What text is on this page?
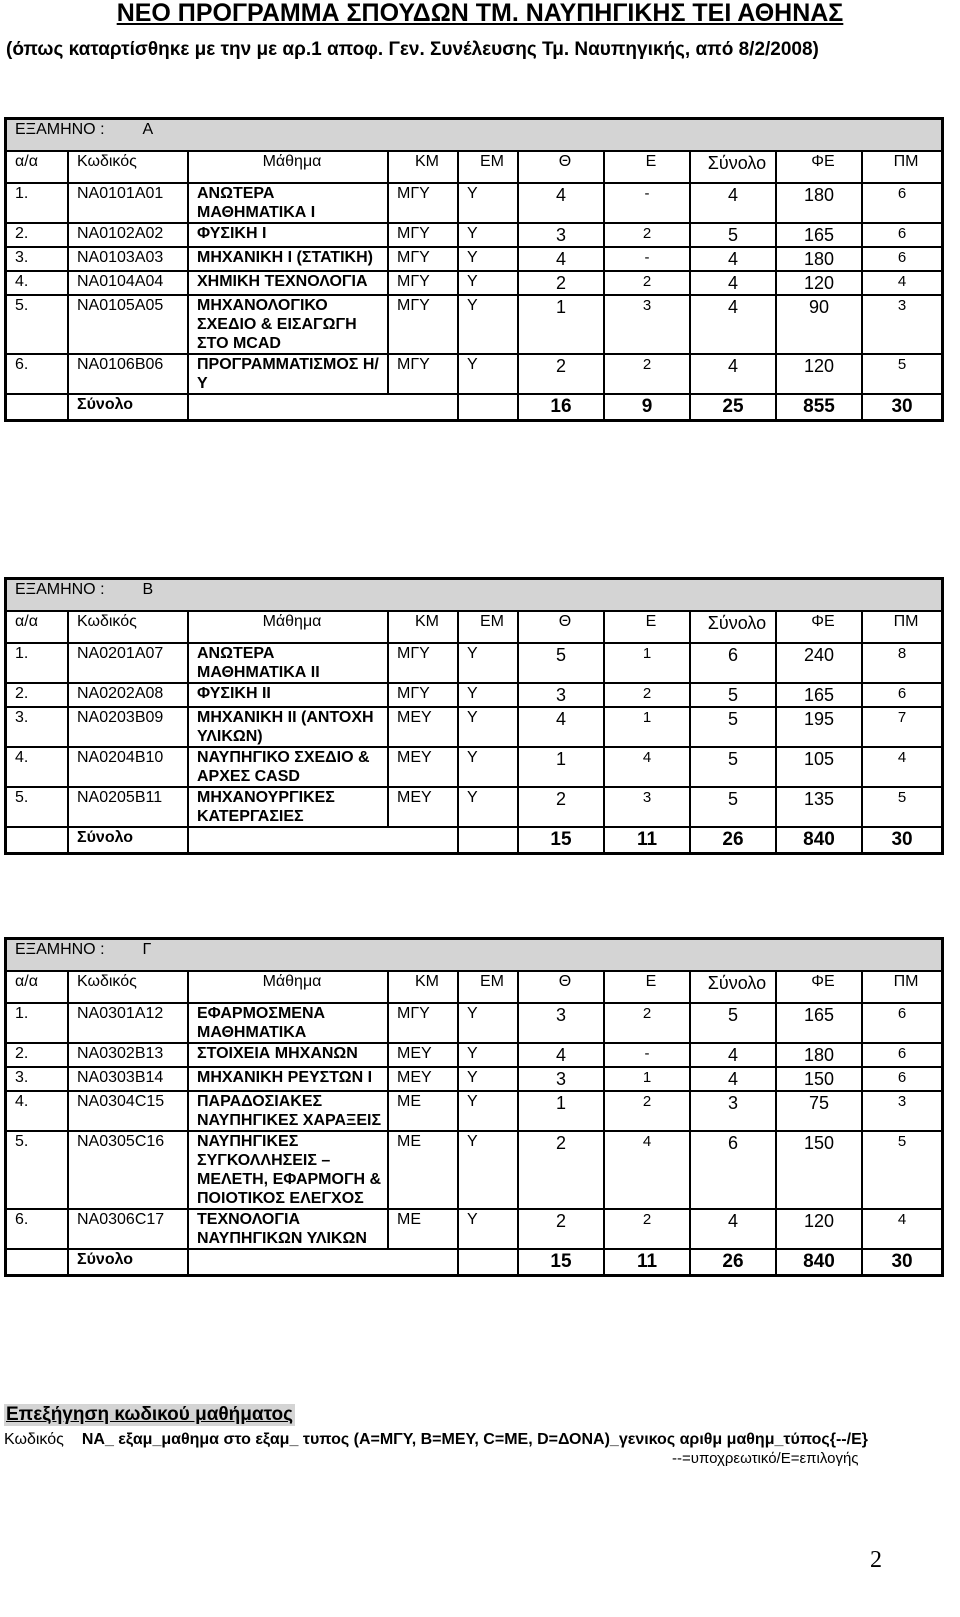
ΝΕΟ ΠΡΟΓΡΑΜΜΑ ΣΠΟΥΔΩΝ ΤΜ. ΝΑΥΠΗΓΙΚΗΣ ΤΕΙ ΑΘΗΝΑΣ
(όπως καταρτίσθηκε με την με αρ.1 αποφ. Γεν. Συνέλευσης Τμ. Ναυπηγικής, από 8/2/2008)
ΕΞΑΜΗΝΟ : Α									
α/α	Κωδικός	Μάθημα	ΚΜ	ΕΜ	Θ	Ε	Σύνολο	ΦΕ	ΠΜ
1.	NA0101A01	ΑΝΩΤΕΡΑ ΜΑΘΗΜΑΤΙΚΑ Ι	ΜΓΥ	Υ	4	-	4	180	6
2.	NA0102A02	ΦΥΣΙΚΗ Ι	ΜΓΥ	Υ	3	2	5	165	6
3.	NA0103A03	ΜΗΧΑΝΙΚΗ Ι (ΣΤΑΤΙΚΗ)	ΜΓΥ	Υ	4	-	4	180	6
4.	NA0104A04	ΧΗΜΙΚΗ ΤΕΧΝΟΛΟΓΙΑ	ΜΓΥ	Υ	2	2	4	120	4
5.	NA0105A05	ΜΗΧΑΝΟΛΟΓΙΚΟ ΣΧΕΔΙΟ & ΕΙΣΑΓΩΓΗ ΣΤΟ MCAD	ΜΓΥ	Υ	1	3	4	90	3
6.	NA0106B06	ΠΡΟΓΡΑΜΜΑΤΙΣΜΟΣ Η/Υ	ΜΓΥ	Υ	2	2	4	120	5
	Σύνολο				16	9	25	855	30
ΕΞΑΜΗΝΟ : Β									
α/α	Κωδικός	Μάθημα	ΚΜ	ΕΜ	Θ	Ε	Σύνολο	ΦΕ	ΠΜ
1.	NA0201A07	ΑΝΩΤΕΡΑ ΜΑΘΗΜΑΤΙΚΑ ΙΙ	ΜΓΥ	Υ	5	1	6	240	8
2.	NA0202A08	ΦΥΣΙΚΗ ΙΙ	ΜΓΥ	Υ	3	2	5	165	6
3.	NA0203B09	ΜΗΧΑΝΙΚΗ ΙΙ (ΑΝΤΟΧΗ ΥΛΙΚΩΝ)	ΜΕΥ	Υ	4	1	5	195	7
4.	NA0204B10	ΝΑΥΠΗΓΙΚΟ ΣΧΕΔΙΟ & ΑΡΧΕΣ CASD	ΜΕΥ	Υ	1	4	5	105	4
5.	NA0205B11	ΜΗΧΑΝΟΥΡΓΙΚΕΣ ΚΑΤΕΡΓΑΣΙΕΣ	ΜΕΥ	Υ	2	3	5	135	5
	Σύνολο				15	11	26	840	30
ΕΞΑΜΗΝΟ : Γ									
α/α	Κωδικός	Μάθημα	ΚΜ	ΕΜ	Θ	Ε	Σύνολο	ΦΕ	ΠΜ
1.	NA0301A12	ΕΦΑΡΜΟΣΜΕΝΑ ΜΑΘΗΜΑΤΙΚΑ	ΜΓΥ	Υ	3	2	5	165	6
2.	NA0302B13	ΣΤΟΙΧΕΙΑ ΜΗΧΑΝΩΝ	ΜΕΥ	Υ	4	-	4	180	6
3.	NA0303B14	ΜΗΧΑΝΙΚΗ ΡΕΥΣΤΩΝ Ι	ΜΕΥ	Υ	3	1	4	150	6
4.	NA0304C15	ΠΑΡΑΔΟΣΙΑΚΕΣ ΝΑΥΠΗΓΙΚΕΣ ΧΑΡΑΞΕΙΣ	ΜΕ	Υ	1	2	3	75	3
5.	NA0305C16	ΝΑΥΠΗΓΙΚΕΣ ΣΥΓΚΟΛΛΗΣΕΙΣ – ΜΕΛΕΤΗ, ΕΦΑΡΜΟΓΗ & ΠΟΙΟΤΙΚΟΣ ΕΛΕΓΧΟΣ	ΜΕ	Υ	2	4	6	150	5
6.	NA0306C17	ΤΕΧΝΟΛΟΓΙΑ ΝΑΥΠΗΓΙΚΩΝ ΥΛΙΚΩΝ	ΜΕ	Υ	2	2	4	120	4
	Σύνολο				15	11	26	840	30
Επεξήγηση κωδικού μαθήματος
Κωδικός NA_ εξαμ_μαθημα στο εξαμ_ τυπος (Α=ΜΓΥ, Β=ΜΕΥ, C=ΜΕ, D=ΔΟΝΑ)_γενικος αριθμ μαθημ_τύπος{--/Ε}
--=υποχρεωτικό/Ε=επιλογής
2
